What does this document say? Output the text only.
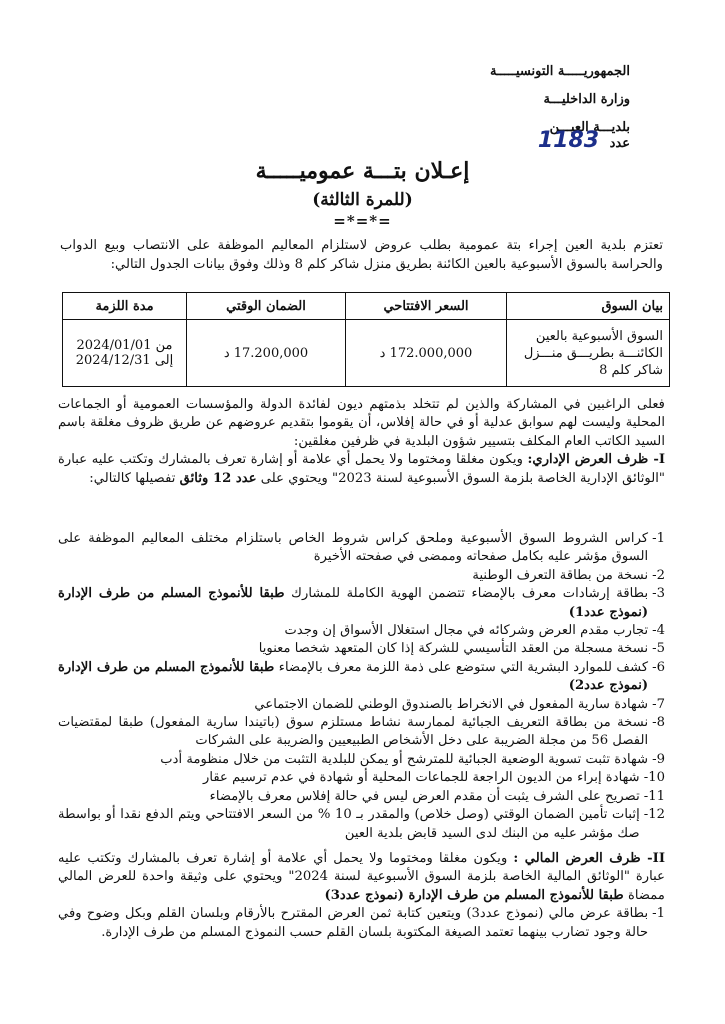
الجمهوريـــــة التونسيـــــة
وزارة الداخليـــة
بلديـــة العيـــن
عدد 1183
إعـلان بتـــة عموميـــــة
(للمرة الثالثة)
=*=*=
تعتزم بلدية العين إجراء بتة عمومية بطلب عروض لاستلزام المعاليم الموظفة على الانتصاب وبيع الدواب والحراسة بالسوق الأسبوعية بالعين الكائنة بطريق منزل شاكر كلم 8 وذلك وفوق بيانات الجدول التالي:
بيان السوق	السعر الافتتاحي	الضمان الوقتي	مدة اللزمة
السوق الأسبوعية بالعين الكائنـــة بطريـــق منـــزل شاكر كلم 8	172.000,000 د	17.200,000 د	من 2024/01/01
إلى 2024/12/31

فعلى الراغبين في المشاركة والذين لم تتخلد بذمتهم ديون لفائدة الدولة والمؤسسات العمومية أو الجماعات المحلية وليست لهم سوابق عدلية أو في حالة إفلاس، أن يقوموا بتقديم عروضهم عن طريق ظروف مغلقة باسم السيد الكاتب العام المكلف بتسيير شؤون البلدية في ظرفين مغلقين:

I- ظرف العرض الإداري: ويكون مغلقا ومختوما ولا يحمل أي علامة أو إشارة تعرف بالمشارك وتكتب عليه عبارة "الوثائق الإدارية الخاصة بلزمة السوق الأسبوعية لسنة 2023" ويحتوي على عدد 12 وثائق تفصيلها كالتالي:

1-
كراس الشروط السوق الأسبوعية وملحق كراس شروط الخاص باستلزام مختلف المعاليم الموظفة على السوق مؤشر عليه بكامل صفحاته وممضى في صفحته الأخيرة
2-
نسخة من بطاقة التعرف الوطنية
3-
بطاقة إرشادات معرف بالإمضاء تتضمن الهوية الكاملة للمشارك طبقا للأنموذج المسلم من طرف الإدارة (نموذج عدد1)
4-
تجارب مقدم العرض وشركائه في مجال استغلال الأسواق إن وجدت
5-
نسخة مسجلة من العقد التأسيسي للشركة إذا كان المتعهد شخصا معنويا
6-
كشف للموارد البشرية التي ستوضع على ذمة اللزمة معرف بالإمضاء طبقا للأنموذج المسلم من طرف الإدارة (نموذج عدد2)
7-
شهادة سارية المفعول في الانخراط بالصندوق الوطني للضمان الاجتماعي
8-
نسخة من بطاقة التعريف الجبائية لممارسة نشاط مستلزم سوق (باتيندا سارية المفعول) طبقا لمقتضيات الفصل 56 من مجلة الضريبة على دخل الأشخاص الطبيعيين والضريبة على الشركات
9-
شهادة تثبت تسوية الوضعية الجبائية للمترشح أو يمكن للبلدية التثبت من خلال منظومة أدب
10-
شهادة إبراء من الديون الراجعة للجماعات المحلية أو شهادة في عدم ترسيم عقار
11-
تصريح على الشرف يثبت أن مقدم العرض ليس في حالة إفلاس معرف بالإمضاء
12-
إثبات تأمين الضمان الوقتي (وصل خلاص) والمقدر بـ 10 % من السعر الافتتاحي ويتم الدفع نقدا أو بواسطة صك مؤشر عليه من البنك لدى السيد قابض بلدية العين
II- ظرف العرض المالي : ويكون مغلقا ومختوما ولا يحمل أي علامة أو إشارة تعرف بالمشارك وتكتب عليه عبارة "الوثائق المالية الخاصة بلزمة السوق الأسبوعية لسنة 2024" ويحتوي على وثيقة واحدة للعرض المالي ممضاة طبقا للأنموذج المسلم من طرف الإدارة (نموذج عدد3)
1-
بطاقة عرض مالي (نموذج عدد3) ويتعين كتابة ثمن العرض المقترح بالأرقام وبلسان القلم وبكل وضوح وفي حالة وجود تضارب بينهما تعتمد الصيغة المكتوبة بلسان القلم حسب النموذج المسلم من طرف الإدارة.
